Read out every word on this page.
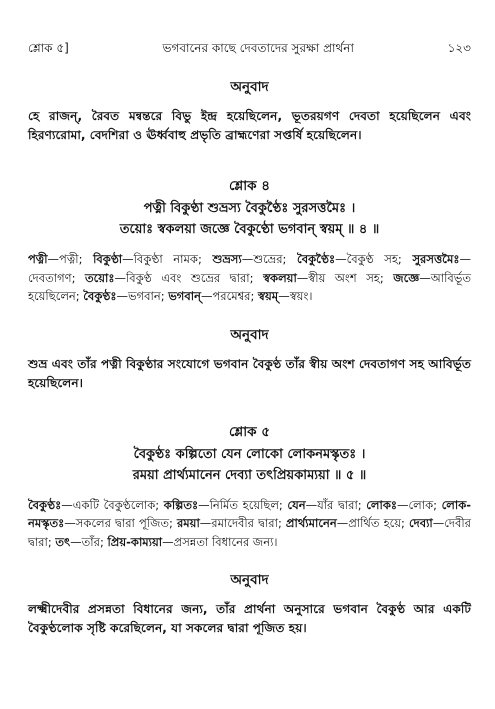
শ্লোক ৫]	ভগবানের কাছে দেবতাদের সুরক্ষা প্রার্থনা	১২৩

অনুবাদ

হে রাজন্, রৈবত মন্বন্তরে বিভু ইন্দ্র হয়েছিলেন, ভূতরয়গণ দেবতা হয়েছিলেন এবং হিরণ্যরোমা, বেদশিরা ও ঊর্ধ্ববাহু প্রভৃতি ব্রাহ্মণেরা সপ্তর্ষি হয়েছিলেন।

শ্লোক ৪

পত্নী বিকুণ্ঠা শুভ্রস্য বৈকুণ্ঠৈঃ সুরসত্তমৈঃ ।

তয়োঃ স্বকলয়া জজ্ঞে বৈকুণ্ঠো ভগবান্ স্বয়ম্ ॥ ৪ ॥

পত্নী—পত্নী; বিকুণ্ঠা—বিকুণ্ঠা নামক; শুভ্রস্য—শুভ্রের; বৈকুণ্ঠৈঃ—বৈকুণ্ঠ সহ; সুরসত্তমৈঃ—দেবতাগণ; তয়োঃ—বিকুণ্ঠ এবং শুভ্রের দ্বারা; স্বকলয়া—স্বীয় অংশ সহ; জজ্ঞে—আবির্ভূত হয়েছিলেন; বৈকুণ্ঠঃ—ভগবান; ভগবান্—পরমেশ্বর; স্বয়ম্—স্বয়ং।

অনুবাদ

শুভ্র এবং তাঁর পত্নী বিকুণ্ঠার সংযোগে ভগবান বৈকুণ্ঠ তাঁর স্বীয় অংশ দেবতাগণ সহ আবির্ভূত হয়েছিলেন।

শ্লোক ৫

বৈকুণ্ঠঃ কল্পিতো যেন লোকো লোকনমস্কৃতঃ ।

রময়া প্রার্থ্যমানেন দেব্যা তৎপ্রিয়কাম্যয়া ॥ ৫ ॥

বৈকুণ্ঠঃ—একটি বৈকুণ্ঠলোক; কল্পিতঃ—নির্মিত হয়েছিল; যেন—যাঁর দ্বারা; লোকঃ—লোক; লোক-নমস্কৃতঃ—সকলের দ্বারা পূজিত; রময়া—রমাদেবীর দ্বারা; প্রার্থ্যমানেন—প্রার্থিত হয়ে; দেব্যা—দেবীর দ্বারা; তৎ—তাঁর; প্রিয়-কাম্যয়া—প্রসন্নতা বিধানের জন্য।

অনুবাদ

লক্ষ্মীদেবীর প্রসন্নতা বিধানের জন্য, তাঁর প্রার্থনা অনুসারে ভগবান বৈকুণ্ঠ আর একটি বৈকুণ্ঠলোক সৃষ্টি করেছিলেন, যা সকলের দ্বারা পূজিত হয়।
